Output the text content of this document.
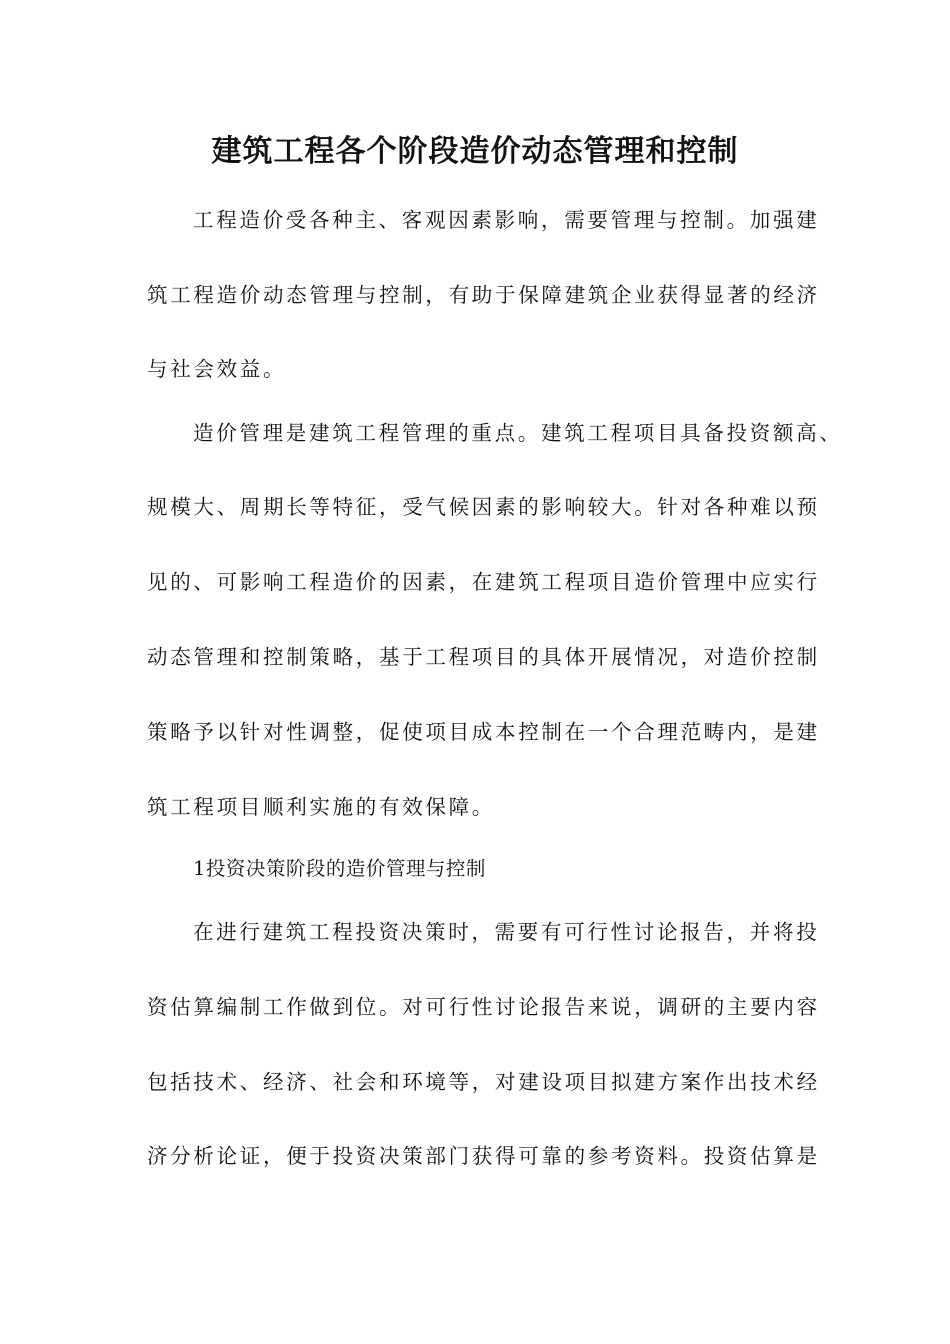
建筑工程各个阶段造价动态管理和控制
工程造价受各种主、客观因素影响，需要管理与控制。加强建
筑工程造价动态管理与控制，有助于保障建筑企业获得显著的经济
与社会效益。
造价管理是建筑工程管理的重点。建筑工程项目具备投资额高、
规模大、周期长等特征，受气候因素的影响较大。针对各种难以预
见的、可影响工程造价的因素，在建筑工程项目造价管理中应实行
动态管理和控制策略，基于工程项目的具体开展情况，对造价控制
策略予以针对性调整，促使项目成本控制在一个合理范畴内，是建
筑工程项目顺利实施的有效保障。
1投资决策阶段的造价管理与控制
在进行建筑工程投资决策时，需要有可行性讨论报告，并将投
资估算编制工作做到位。对可行性讨论报告来说，调研的主要内容
包括技术、经济、社会和环境等，对建设项目拟建方案作出技术经
济分析论证，便于投资决策部门获得可靠的参考资料。投资估算是
